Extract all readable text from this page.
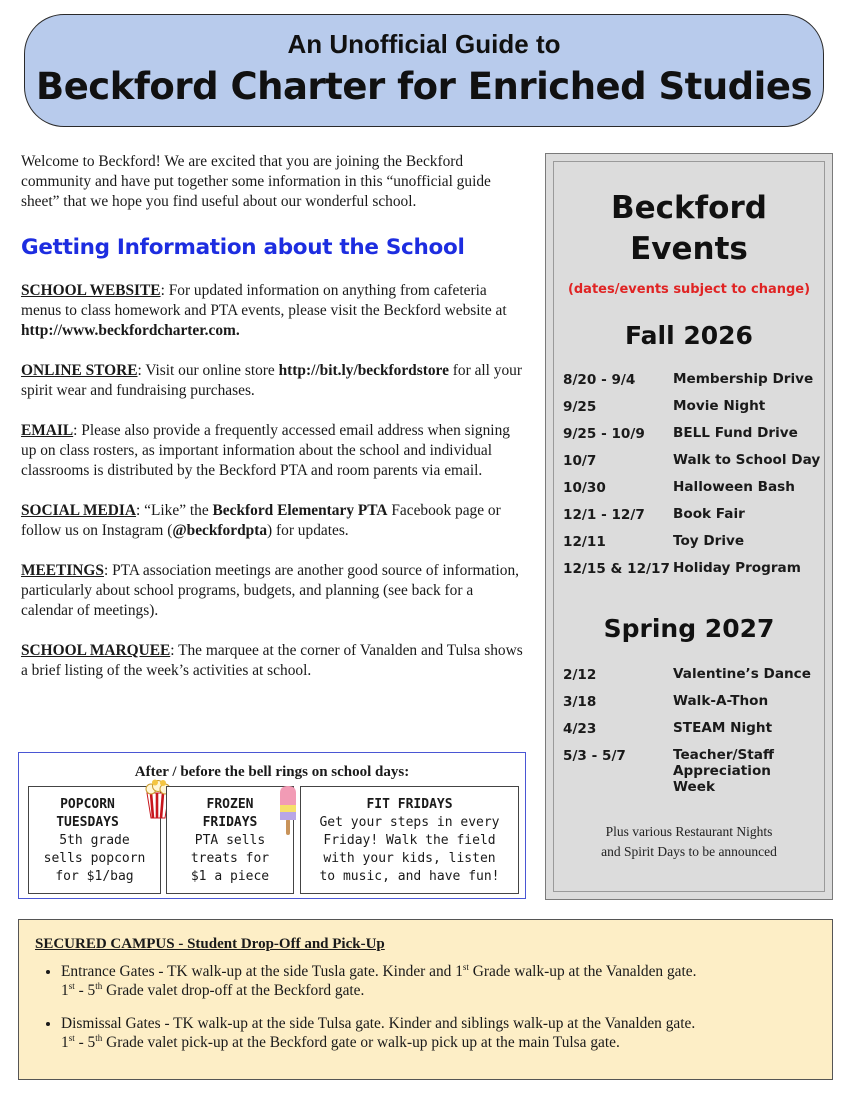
An Unofficial Guide to
Beckford Charter for Enriched Studies

Welcome to Beckford! We are excited that you are joining the Beckford community and have put together some information in this “unofficial guide sheet” that we hope you find useful about our wonderful school.

Getting Information about the School

SCHOOL WEBSITE: For updated information on anything from cafeteria menus to class homework and PTA events, please visit the Beckford website at http://www.beckfordcharter.com.

ONLINE STORE: Visit our online store http://bit.ly/beckfordstore for all your spirit wear and fundraising purchases.

EMAIL: Please also provide a frequently accessed email address when signing up on class rosters, as important information about the school and individual classrooms is distributed by the Beckford PTA and room parents via email.

SOCIAL MEDIA: “Like” the Beckford Elementary PTA Facebook page or follow us on Instagram (@beckfordpta) for updates.

MEETINGS: PTA association meetings are another good source of information, particularly about school programs, budgets, and planning (see back for a calendar of meetings).

SCHOOL MARQUEE: The marquee at the corner of Vanalden and Tulsa shows a brief listing of the week’s activities at school.

After / before the bell rings on school days:
POPCORN
TUESDAYS
5th grade
sells popcorn
for $1/bag
FROZEN
FRIDAYS
PTA sells
treats for
$1 a piece
FIT FRIDAYS
Get your steps in every
Friday! Walk the field
with your kids, listen
to music, and have fun!
Beckford
Events
(dates/events subject to change)
Fall 2026
8/20 - 9/4	Membership Drive
9/25	Movie Night
9/25 - 10/9	BELL Fund Drive
10/7	Walk to School Day
10/30	Halloween Bash
12/1 - 12/7	Book Fair
12/11	Toy Drive
12/15 & 12/17 Holiday Program
Spring 2027
2/12	Valentine’s Dance
3/18	Walk-A-Thon
4/23	STEAM Night
5/3 - 5/7	Teacher/Staff Appreciation Week
Plus various Restaurant Nights
and Spirit Days to be announced
SECURED CAMPUS - Student Drop-Off and Pick-Up
• Entrance Gates - TK walk-up at the side Tusla gate. Kinder and 1st Grade walk-up at the Vanalden gate.
1st - 5th Grade valet drop-off at the Beckford gate.
• Dismissal Gates - TK walk-up at the side Tulsa gate. Kinder and siblings walk-up at the Vanalden gate.
1st - 5th Grade valet pick-up at the Beckford gate or walk-up pick up at the main Tulsa gate.
